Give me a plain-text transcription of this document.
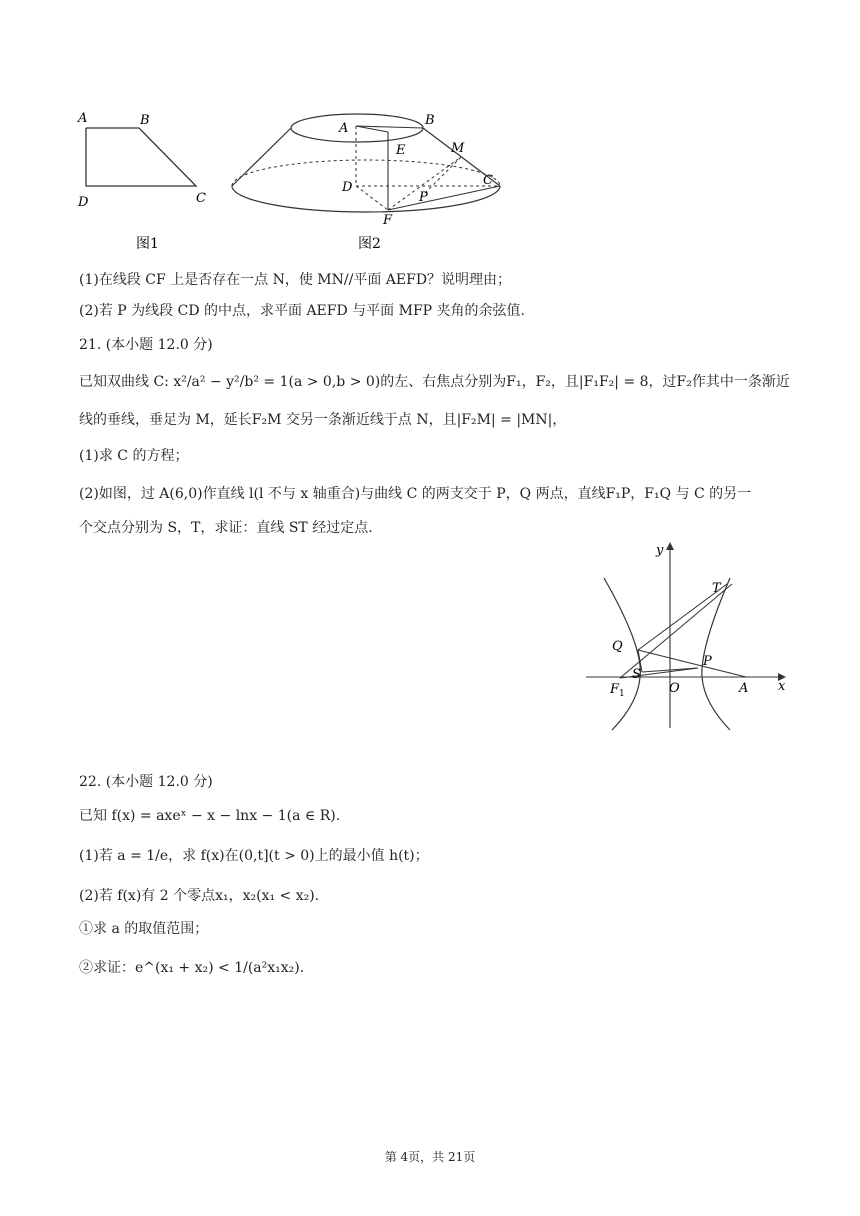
A	B
C
D
图1
A
B
E	M
C
D
P
F
图2
(1)在线段 CF 上是否存在一点 N，使 MN//平面 AEFD？说明理由；
(2)若 P 为线段 CD 的中点，求平面 AEFD 与平面 MFP 夹角的余弦值.
21. (本小题 12.0 分)
已知双曲线 C: x²/a² − y²/b² = 1(a > 0,b > 0)的左、右焦点分别为F₁，F₂，且|F₁F₂| = 8，过F₂作其中一条渐近
线的垂线，垂足为 M，延长F₂M 交另一条渐近线于点 N，且|F₂M| = |MN|，
(1)求 C 的方程；
(2)如图，过 A(6,0)作直线 l(l 不与 x 轴重合)与曲线 C 的两支交于 P，Q 两点，直线F₁P，F₁Q 与 C 的另一
个交点分别为 S，T，求证：直线 ST 经过定点.
y
T
Q
P
S
O	A x
$F_1$
22. (本小题 12.0 分)
已知 f(x) = axeˣ − x − lnx − 1(a ∈ R).
(1)若 a = 1/e，求 f(x)在(0,t](t > 0)上的最小值 h(t)；
(2)若 f(x)有 2 个零点x₁，x₂(x₁ < x₂).
①求 a 的取值范围；
②求证：e^(x₁ + x₂) < 1/(a²x₁x₂).
第 4页，共 21页
